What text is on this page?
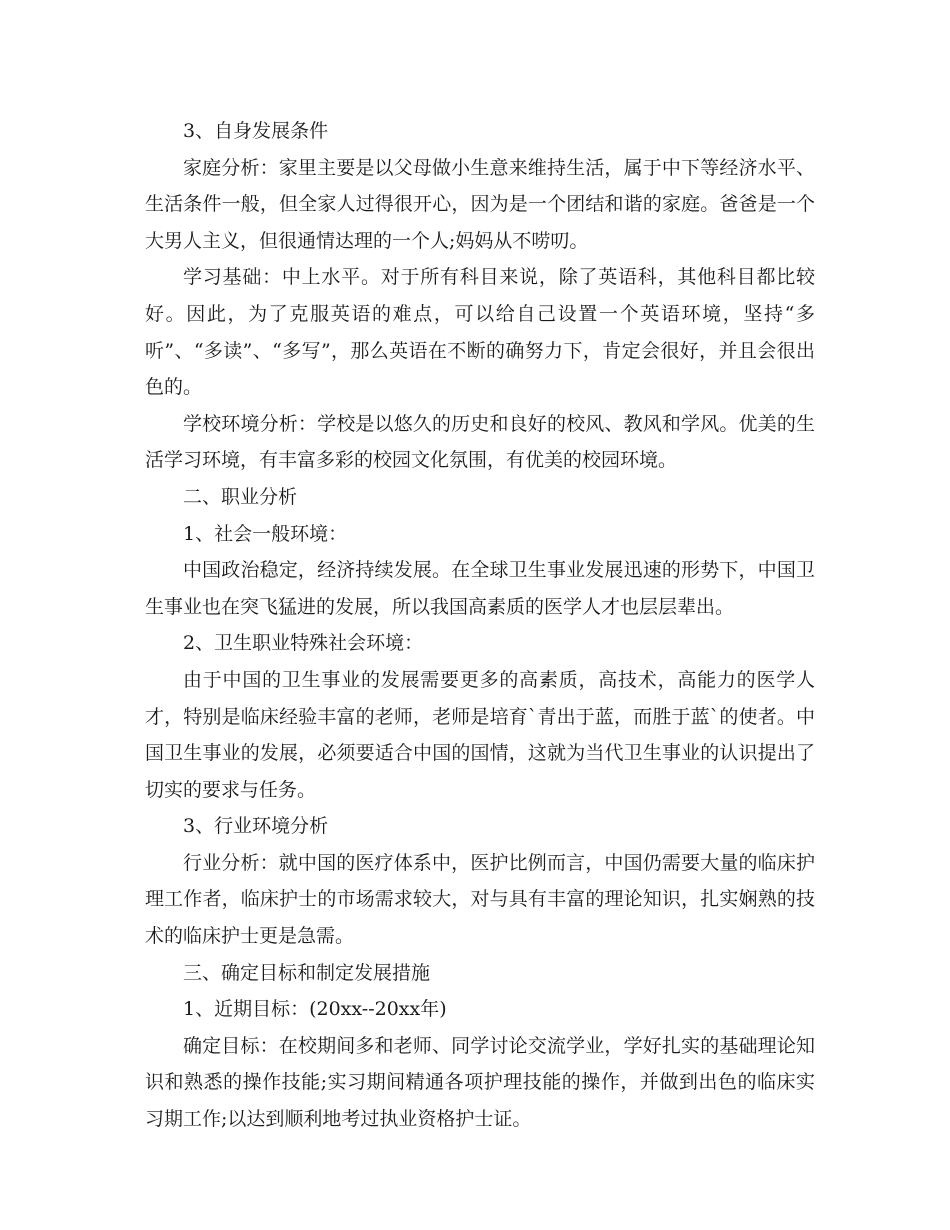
3、自身发展条件

家庭分析：家里主要是以父母做小生意来维持生活，属于中下等经济水平、生活条件一般，但全家人过得很开心，因为是一个团结和谐的家庭。爸爸是一个大男人主义，但很通情达理的一个人;妈妈从不唠叨。

学习基础：中上水平。对于所有科目来说，除了英语科，其他科目都比较好。因此，为了克服英语的难点，可以给自己设置一个英语环境，坚持“多听”、“多读”、“多写”，那么英语在不断的确努力下，肯定会很好，并且会很出色的。

学校环境分析：学校是以悠久的历史和良好的校风、教风和学风。优美的生活学习环境，有丰富多彩的校园文化氛围，有优美的校园环境。

二、职业分析

1、社会一般环境：

中国政治稳定，经济持续发展。在全球卫生事业发展迅速的形势下，中国卫生事业也在突飞猛进的发展，所以我国高素质的医学人才也层层辈出。

2、卫生职业特殊社会环境：

由于中国的卫生事业的发展需要更多的高素质，高技术，高能力的医学人才，特别是临床经验丰富的老师，老师是培育`青出于蓝，而胜于蓝`的使者。中国卫生事业的发展，必须要适合中国的国情，这就为当代卫生事业的认识提出了切实的要求与任务。

3、行业环境分析

行业分析：就中国的医疗体系中，医护比例而言，中国仍需要大量的临床护理工作者，临床护士的市场需求较大，对与具有丰富的理论知识，扎实娴熟的技术的临床护士更是急需。

三、确定目标和制定发展措施

1、近期目标：(20xx--20xx年)

确定目标：在校期间多和老师、同学讨论交流学业，学好扎实的基础理论知识和熟悉的操作技能;实习期间精通各项护理技能的操作，并做到出色的临床实习期工作;以达到顺利地考过执业资格护士证。
